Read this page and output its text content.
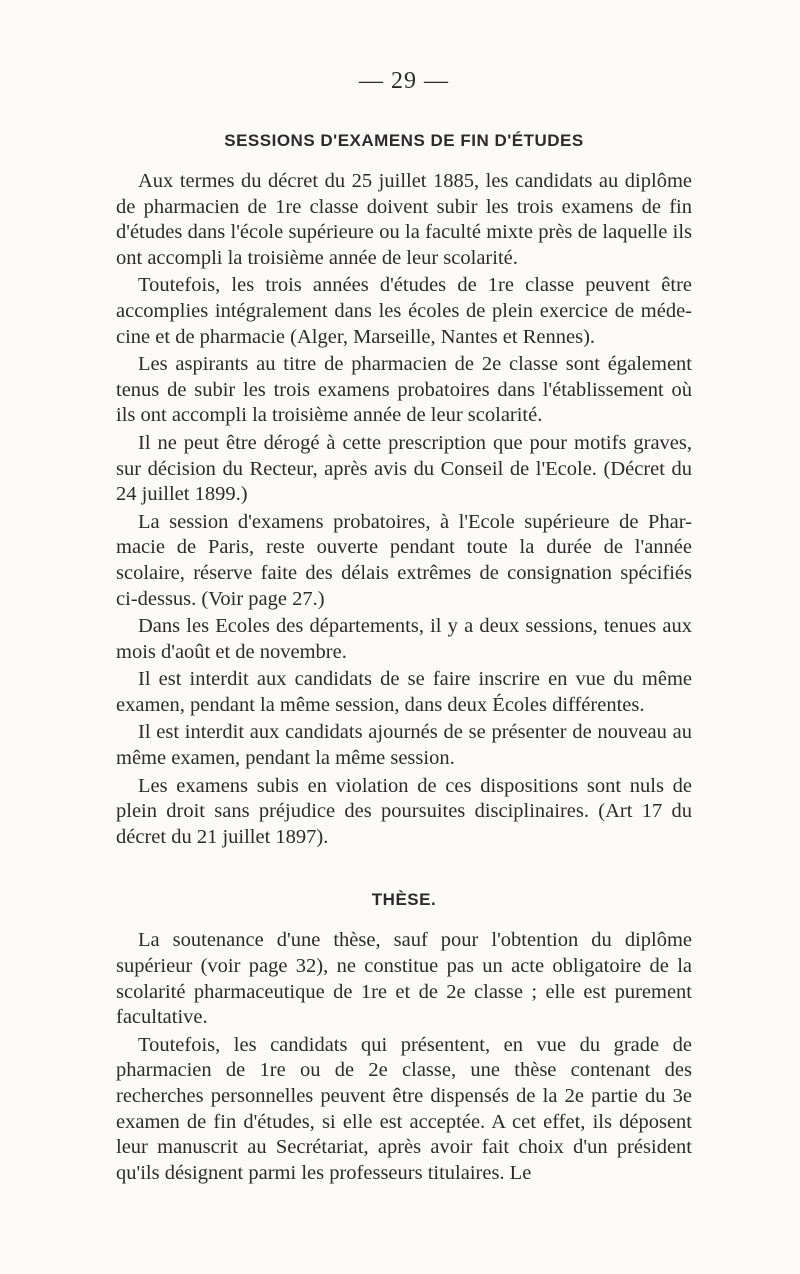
— 29 —
SESSIONS D'EXAMENS DE FIN D'ÉTUDES

Aux termes du décret du 25 juillet 1885, les candidats au diplôme de pharmacien de 1re classe doivent subir les trois examens de fin d'études dans l'école supérieure ou la faculté mixte près de laquelle ils ont accompli la troisième année de leur scolarité.

Toutefois, les trois années d'études de 1re classe peuvent être accomplies intégralement dans les écoles de plein exercice de méde-cine et de pharmacie (Alger, Marseille, Nantes et Rennes).

Les aspirants au titre de pharmacien de 2e classe sont également tenus de subir les trois examens probatoires dans l'établissement où ils ont accompli la troisième année de leur scolarité.

Il ne peut être dérogé à cette prescription que pour motifs graves, sur décision du Recteur, après avis du Conseil de l'Ecole. (Décret du 24 juillet 1899.)

La session d'examens probatoires, à l'Ecole supérieure de Phar-macie de Paris, reste ouverte pendant toute la durée de l'année scolaire, réserve faite des délais extrêmes de consignation spécifiés ci-dessus. (Voir page 27.)

Dans les Ecoles des départements, il y a deux sessions, tenues aux mois d'août et de novembre.

Il est interdit aux candidats de se faire inscrire en vue du même examen, pendant la même session, dans deux Écoles différentes.

Il est interdit aux candidats ajournés de se présenter de nouveau au même examen, pendant la même session.

Les examens subis en violation de ces dispositions sont nuls de plein droit sans préjudice des poursuites disciplinaires. (Art 17 du décret du 21 juillet 1897).

THÈSE.

La soutenance d'une thèse, sauf pour l'obtention du diplôme supérieur (voir page 32), ne constitue pas un acte obligatoire de la scolarité pharmaceutique de 1re et de 2e classe ; elle est purement facultative.

Toutefois, les candidats qui présentent, en vue du grade de pharmacien de 1re ou de 2e classe, une thèse contenant des recherches personnelles peuvent être dispensés de la 2e partie du 3e examen de fin d'études, si elle est acceptée. A cet effet, ils déposent leur manuscrit au Secrétariat, après avoir fait choix d'un président qu'ils désignent parmi les professeurs titulaires. Le
